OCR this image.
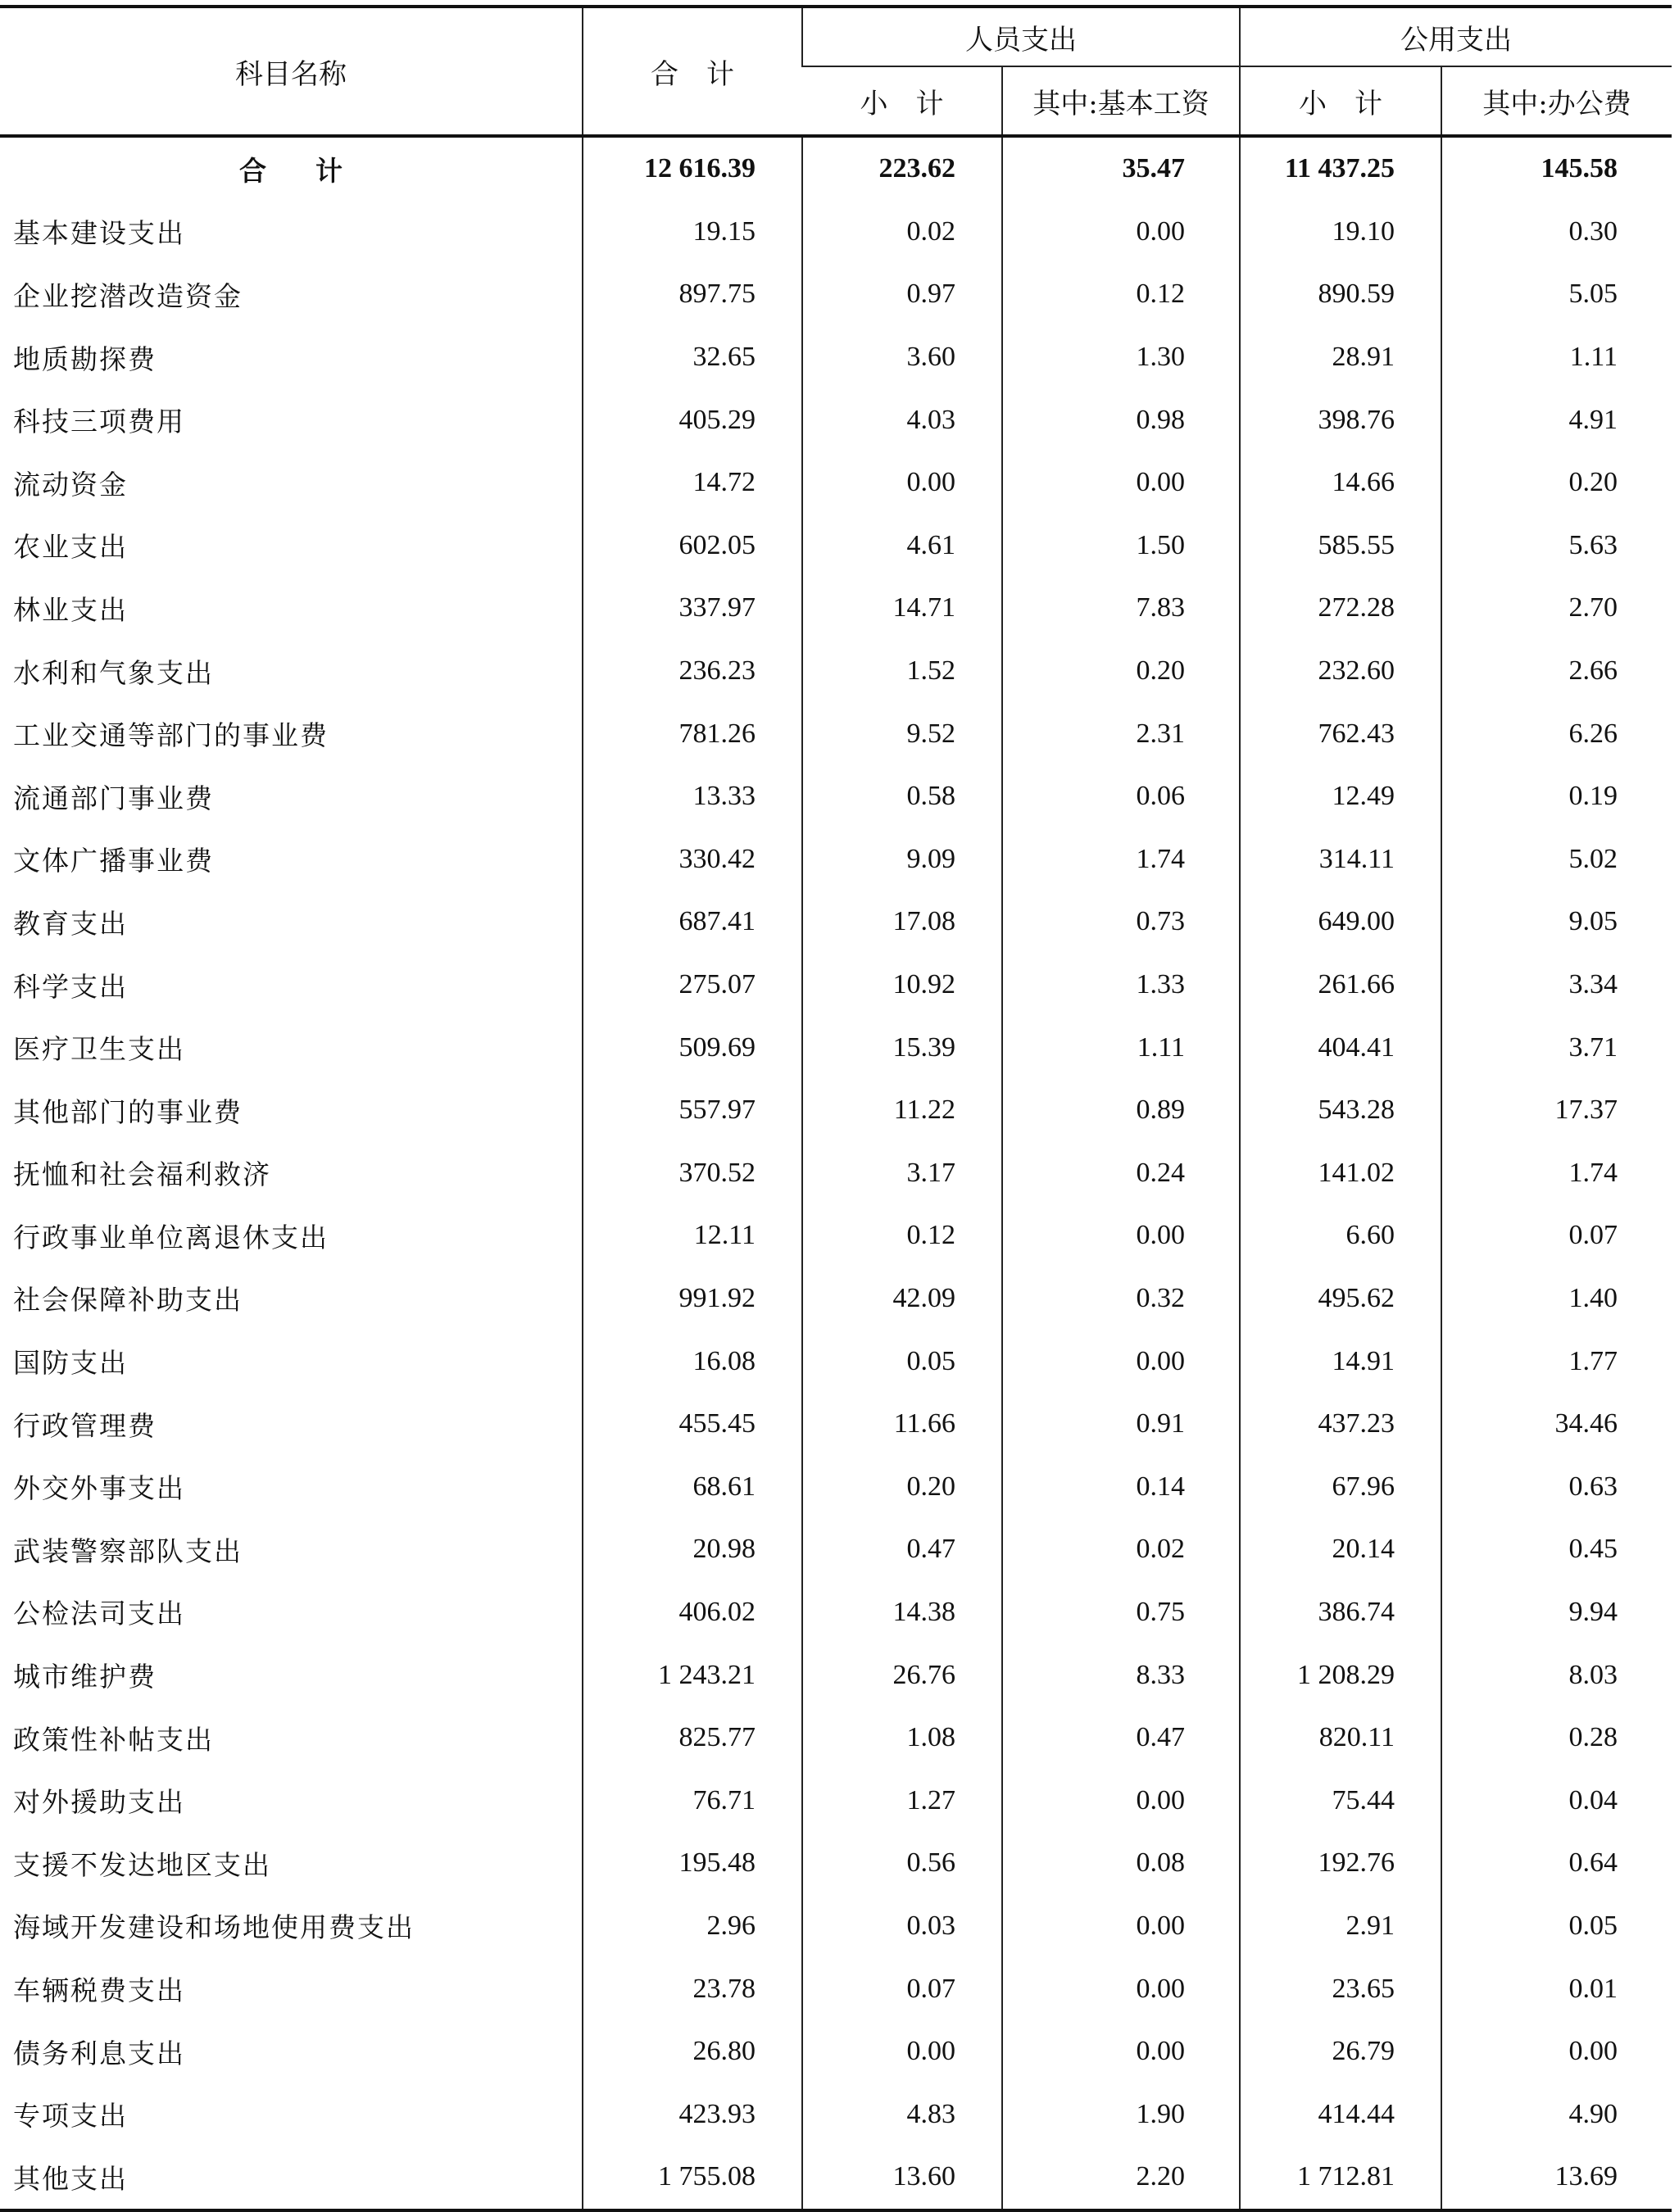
科目名称	合　计	人员支出		公用支出	
		小　计	其中:基本工资	小　计	其中:办公费
合计	12 616.39	223.62	35.47	11 437.25	145.58
基本建设支出	19.15	0.02	0.00	19.10	0.30
企业挖潜改造资金	897.75	0.97	0.12	890.59	5.05
地质勘探费	32.65	3.60	1.30	28.91	1.11
科技三项费用	405.29	4.03	0.98	398.76	4.91
流动资金	14.72	0.00	0.00	14.66	0.20
农业支出	602.05	4.61	1.50	585.55	5.63
林业支出	337.97	14.71	7.83	272.28	2.70
水利和气象支出	236.23	1.52	0.20	232.60	2.66
工业交通等部门的事业费	781.26	9.52	2.31	762.43	6.26
流通部门事业费	13.33	0.58	0.06	12.49	0.19
文体广播事业费	330.42	9.09	1.74	314.11	5.02
教育支出	687.41	17.08	0.73	649.00	9.05
科学支出	275.07	10.92	1.33	261.66	3.34
医疗卫生支出	509.69	15.39	1.11	404.41	3.71
其他部门的事业费	557.97	11.22	0.89	543.28	17.37
抚恤和社会福利救济	370.52	3.17	0.24	141.02	1.74
行政事业单位离退休支出	12.11	0.12	0.00	6.60	0.07
社会保障补助支出	991.92	42.09	0.32	495.62	1.40
国防支出	16.08	0.05	0.00	14.91	1.77
行政管理费	455.45	11.66	0.91	437.23	34.46
外交外事支出	68.61	0.20	0.14	67.96	0.63
武装警察部队支出	20.98	0.47	0.02	20.14	0.45
公检法司支出	406.02	14.38	0.75	386.74	9.94
城市维护费	1 243.21	26.76	8.33	1 208.29	8.03
政策性补帖支出	825.77	1.08	0.47	820.11	0.28
对外援助支出	76.71	1.27	0.00	75.44	0.04
支援不发达地区支出	195.48	0.56	0.08	192.76	0.64
海域开发建设和场地使用费支出	2.96	0.03	0.00	2.91	0.05
车辆税费支出	23.78	0.07	0.00	23.65	0.01
债务利息支出	26.80	0.00	0.00	26.79	0.00
专项支出	423.93	4.83	1.90	414.44	4.90
其他支出	1 755.08	13.60	2.20	1 712.81	13.69
